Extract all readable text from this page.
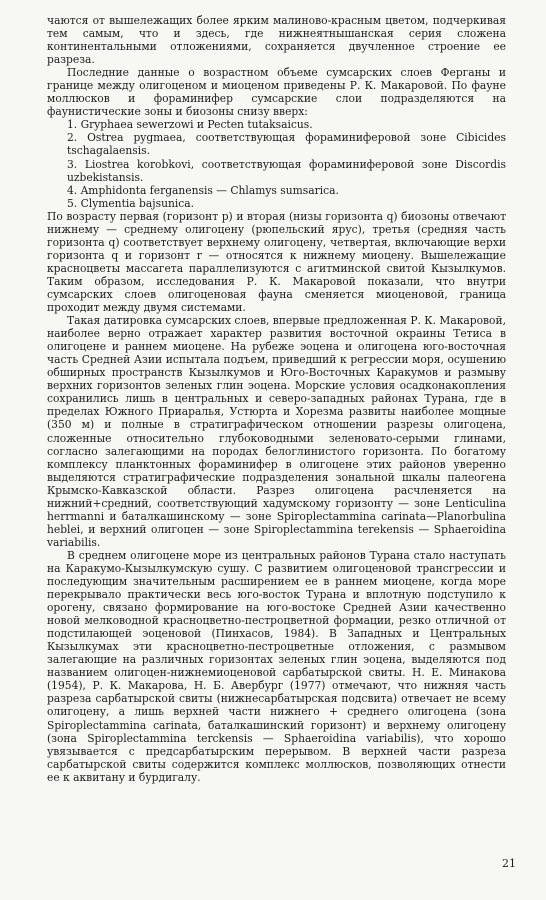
чаются от вышележащих более ярким малиново-красным цветом, подчеркивая тем самым, что и здесь, где нижнеятнышанская серия сложена континентальными отложениями, сохраняется двучленное строение ее разреза.

Последние данные о возрастном объеме сумсарских слоев Ферганы и границе между олигоценом и миоценом приведены Р. К. Макаровой. По фауне моллюсков и фораминифер сумсарские слои подразделяются на фаунистические зоны и биозоны снизу вверх:

1. Gryphaea sewerzowi и Pecten tutaksaicus.

2. Ostrea pygmaea, соответствующая фораминиферовой зоне Cibicides tschagalaensis.

3. Liostrea korobkovi, соответствующая фораминиферовой зоне Discordis uzbekistansis.

4. Amphidonta ferganensis — Chlamys sumsarica.

5. Clymentia bajsunica.

По возрасту первая (горизонт р) и вторая (низы горизонта q) биозоны отвечают нижнему — среднему олигоцену (рюпельский ярус), третья (средняя часть горизонта q) соответствует верхнему олигоцену, четвертая, включающие верхи горизонта q и горизонт r — относятся к нижнему миоцену. Вышележащие красноцветы массагета параллелизуются с агитминской свитой Кызылкумов. Таким образом, исследования Р. К. Макаровой показали, что внутри сумсарских слоев олигоценовая фауна сменяется миоценовой, граница проходит между двумя системами.

Такая датировка сумсарских слоев, впервые предложенная Р. К. Макаровой, наиболее верно отражает характер развития восточной окраины Тетиса в олигоцене и раннем миоцене. На рубеже эоцена и олигоцена юго-восточная часть Средней Азии испытала подъем, приведший к регрессии моря, осушению обширных пространств Кызылкумов и Юго-Восточных Каракумов и размыву верхних горизонтов зеленых глин эоцена. Морские условия осадконакопления сохранились лишь в центральных и северо-западных районах Турана, где в пределах Южного Приаралья, Устюрта и Хорезма развиты наиболее мощные (350 м) и полные в стратиграфическом отношении разрезы олигоцена, сложенные относительно глубоководными зеленовато-серыми глинами, согласно залегающими на породах белоглинистого горизонта. По богатому комплексу планктонных фораминифер в олигоцене этих районов уверенно выделяются стратиграфические подразделения зональной шкалы палеогена Крымско-Кавказской области. Разрез олигоцена расчленяется на нижний+средний, соответствующий хадумскому горизонту — зоне Lenticulina herrmanni и баталкашинскому — зоне Spiroplectammina carinata—Planorbulina heblei, и верхний олигоцен — зоне Spiroplectammina terekensis — Sphaeroidina variabilis.

В среднем олигоцене море из центральных районов Турана стало наступать на Каракумо-Кызылкумскую сушу. С развитием олигоценовой трансгрессии и последующим значительным расширением ее в раннем миоцене, когда море перекрывало практически весь юго-восток Турана и вплотную подступило к орогену, связано формирование на юго-востоке Средней Азии качественно новой мелководной красноцветно-пестроцветной формации, резко отличной от подстилающей эоценовой (Пинхасов, 1984). В Западных и Центральных Кызылкумах эти красноцветно-пестроцветные отложения, с размывом залегающие на различных горизонтах зеленых глин эоцена, выделяются под названием олигоцен-нижнемиоценовой сарбатырской свиты. Н. Е. Минакова (1954), Р. К. Макарова, Н. Б. Авербург (1977) отмечают, что нижняя часть разреза сарбатырской свиты (нижнесарбатырская подсвита) отвечает не всему олигоцену, а лишь верхней части нижнего + среднего олигоцена (зона Spiroplectammina carinata, баталкашинский горизонт) и верхнему олигоцену (зона Spiroplectammina terckensis — Sphaeroidina variabilis), что хорошо увязывается с предсарбатырским перерывом. В верхней части разреза сарбатырской свиты содержится комплекс моллюсков, позволяющих отнести ее к аквитану и бурдигалу.

21
